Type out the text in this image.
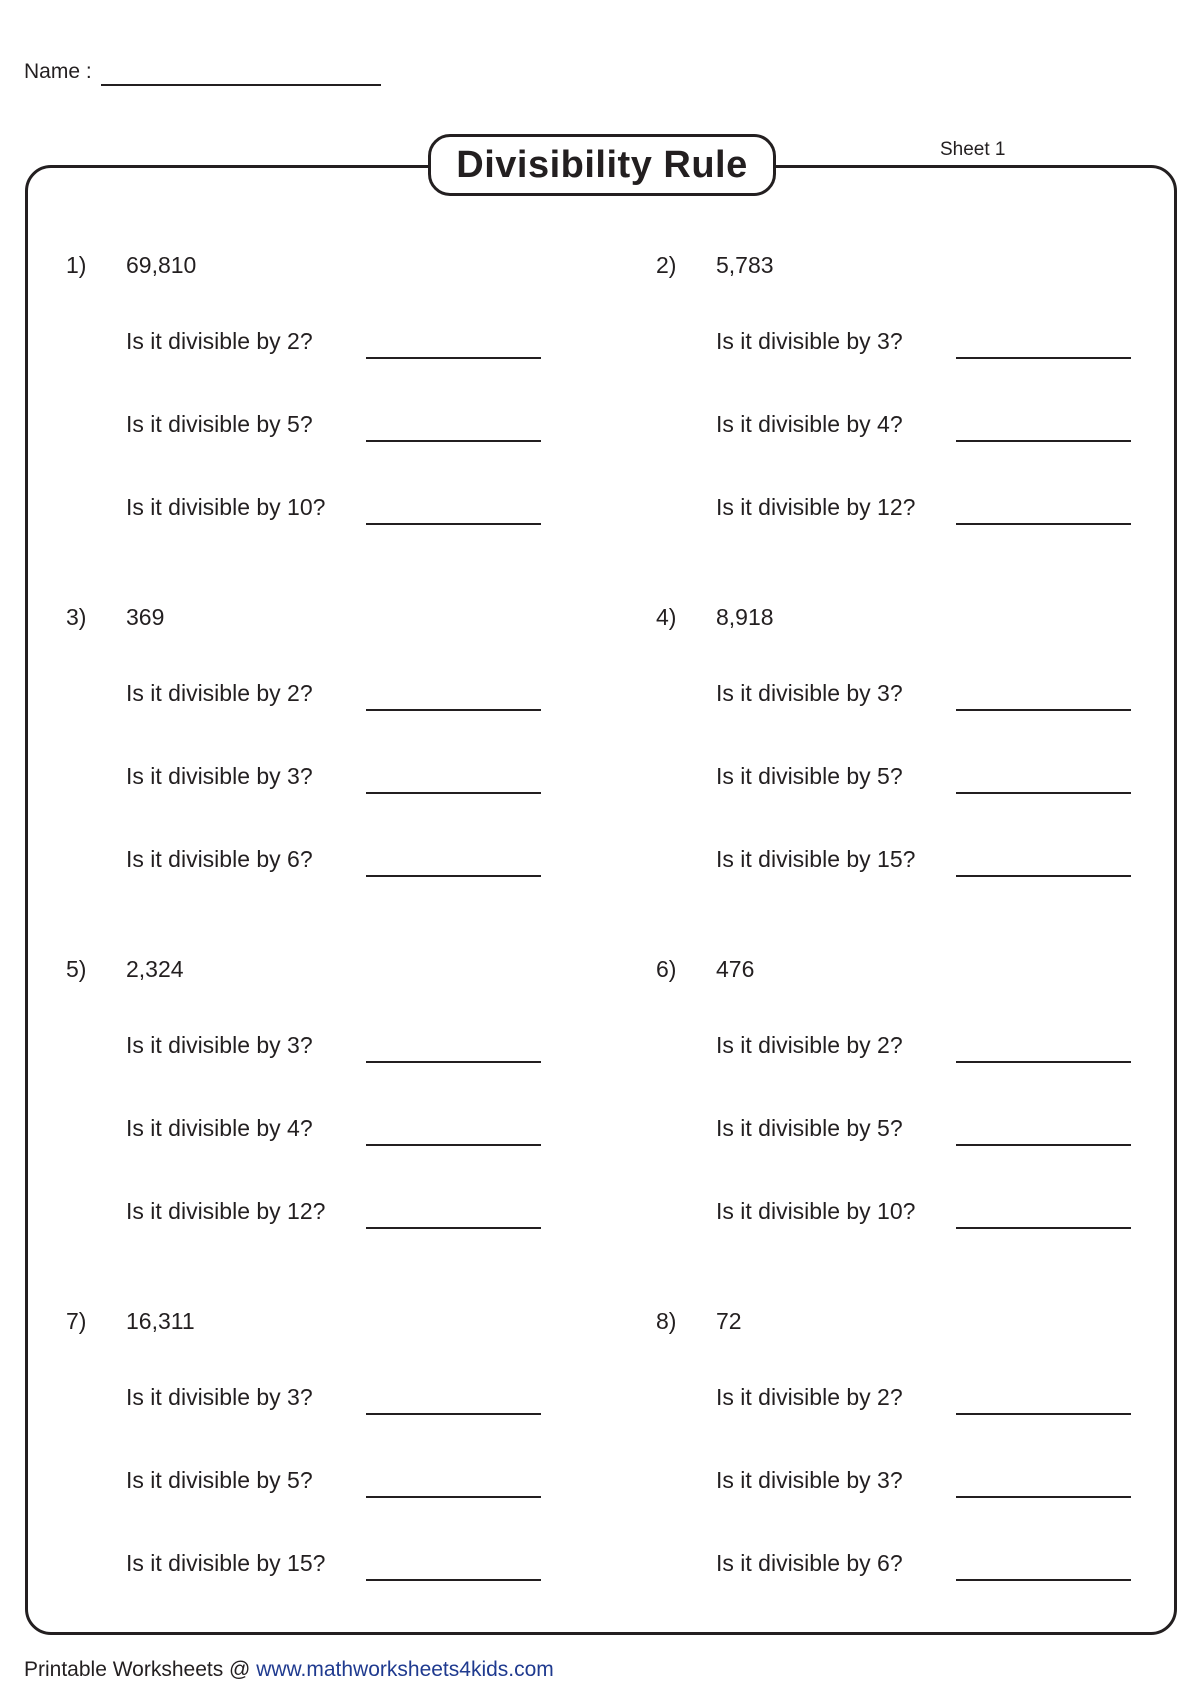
Name :
Divisibility Rule	Sheet 1
1) 69,810
Is it divisible by 2?
Is it divisible by 5?
Is it divisible by 10?
2) 5,783
Is it divisible by 3?
Is it divisible by 4?
Is it divisible by 12?
3) 369
Is it divisible by 2?
Is it divisible by 3?
Is it divisible by 6?
4) 8,918
Is it divisible by 3?
Is it divisible by 5?
Is it divisible by 15?
5) 2,324
Is it divisible by 3?
Is it divisible by 4?
Is it divisible by 12?
6) 476
Is it divisible by 2?
Is it divisible by 5?
Is it divisible by 10?
7) 16,311
Is it divisible by 3?
Is it divisible by 5?
Is it divisible by 15?
8) 72
Is it divisible by 2?
Is it divisible by 3?
Is it divisible by 6?
Printable Worksheets @ www.mathworksheets4kids.com
